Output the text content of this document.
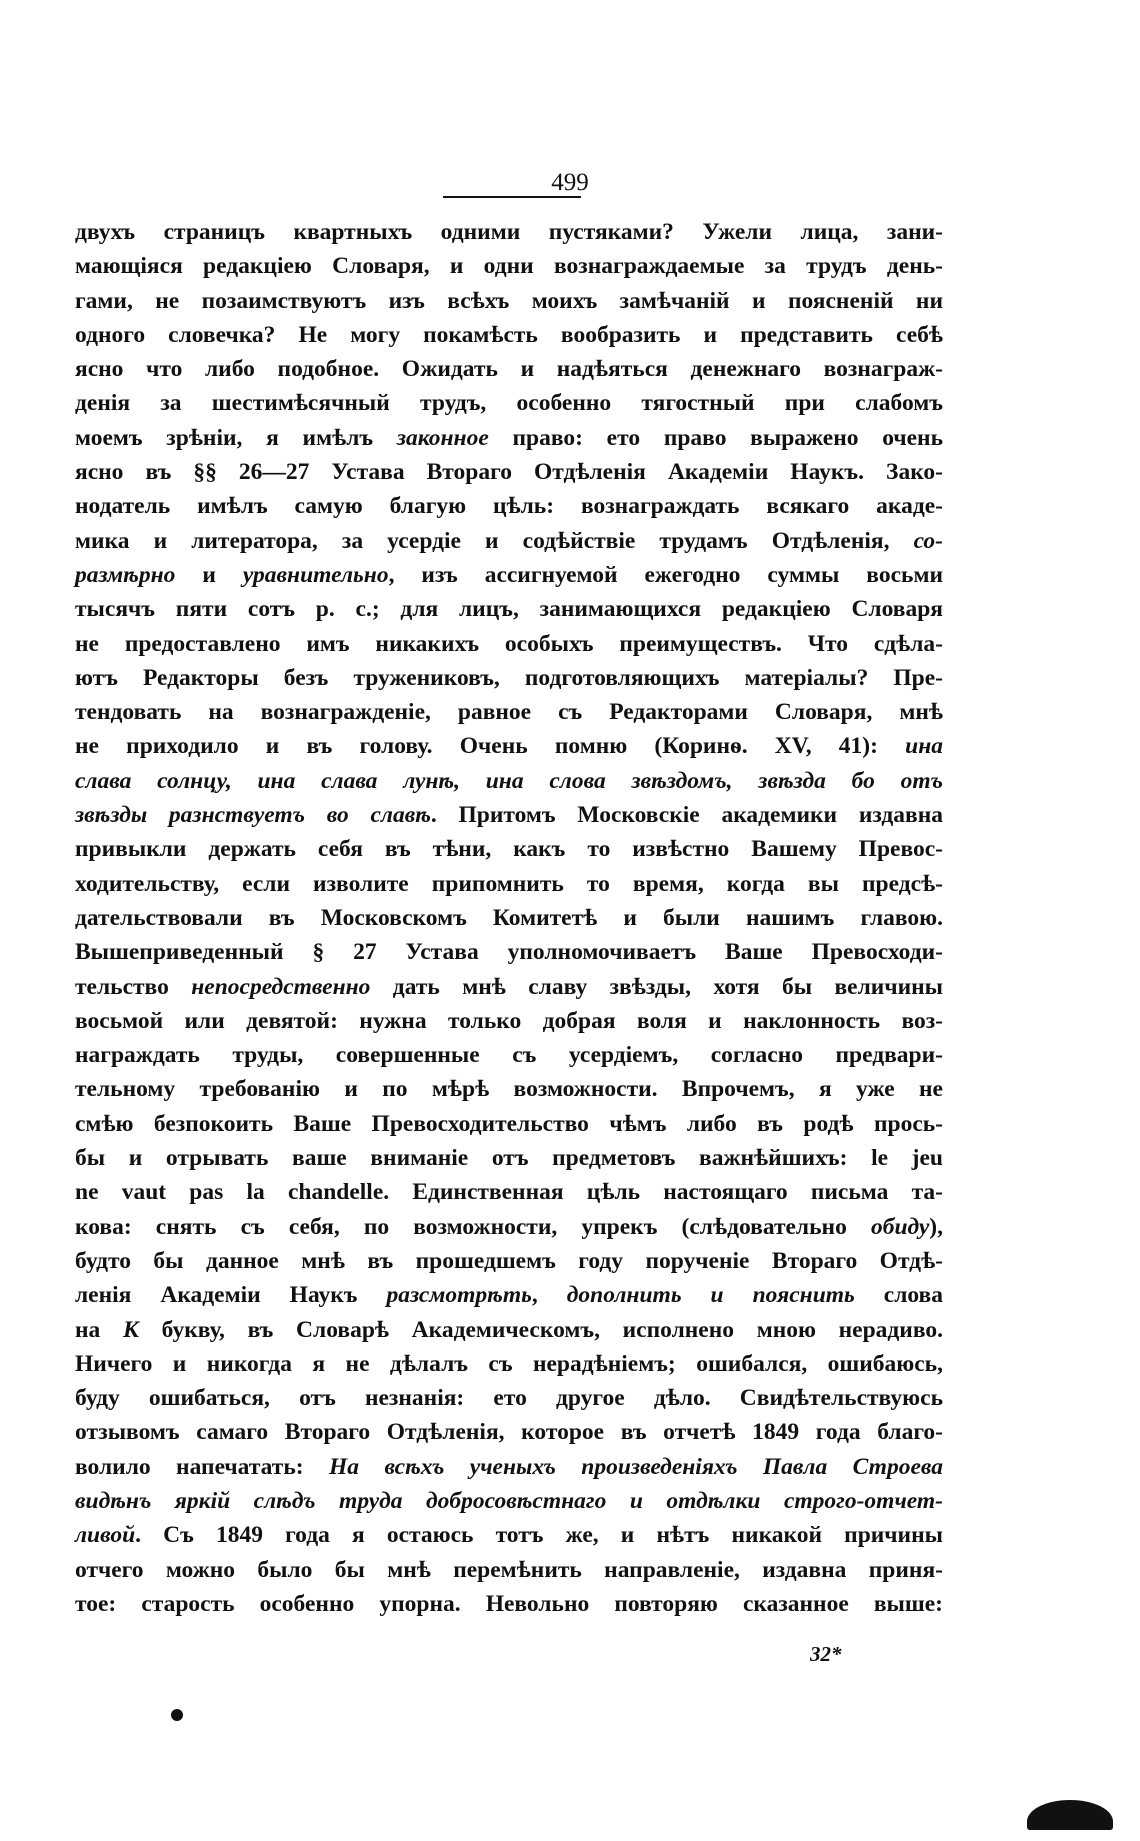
499
двухъ страницъ квартныхъ одними пустяками? Ужели лица, зани-
мающіяся редакціею Словаря, и одни вознаграждаемые за трудъ день-
гами, не позаимствуютъ изъ всѣхъ моихъ замѣчаній и поясненій ни
одного словечка? Не могу покамѣсть вообразить и представить себѣ
ясно что либо подобное. Ожидать и надѣяться денежнаго вознаграж-
денія за шестимѣсячный трудъ, особенно тягостный при слабомъ
моемъ зрѣніи, я имѣлъ законное право: ето право выражено очень
ясно въ §§ 26—27 Устава Втораго Отдѣленія Академіи Наукъ. Зако-
нодатель имѣлъ самую благую цѣль: вознаграждать всякаго акаде-
мика и литератора, за усердіе и содѣйствіе трудамъ Отдѣленія, со-
размѣрно и уравнительно, изъ ассигнуемой ежегодно суммы восьми
тысячъ пяти сотъ р. с.; для лицъ, занимающихся редакціею Словаря
не предоставлено имъ никакихъ особыхъ преимуществъ. Что сдѣла-
ютъ Редакторы безъ тружениковъ, подготовляющихъ матеріалы? Пре-
тендовать на вознагражденіе, равное съ Редакторами Словаря, мнѣ
не приходило и въ голову. Очень помню (Коринѳ. XV, 41): ина
слава солнцу, ина слава лунѣ, ина слова звѣздомъ, звѣзда бо отъ
звѣзды разнствуетъ во славѣ. Притомъ Московскіе академики издавна
привыкли держать себя въ тѣни, какъ то извѣстно Вашему Превос-
ходительству, если изволите припомнить то время, когда вы предсѣ-
дательствовали въ Московскомъ Комитетѣ и были нашимъ главою.
Вышеприведенный § 27 Устава уполномочиваетъ Ваше Превосходи-
тельство непосредственно дать мнѣ славу звѣзды, хотя бы величины
восьмой или девятой: нужна только добрая воля и наклонность воз-
награждать труды, совершенные съ усердіемъ, согласно предвари-
тельному требованію и по мѣрѣ возможности. Впрочемъ, я уже не
смѣю безпокоить Ваше Превосходительство чѣмъ либо въ родѣ прось-
бы и отрывать ваше вниманіе отъ предметовъ важнѣйшихъ: le jeu
ne vaut pas la chandelle. Единственная цѣль настоящаго письма та-
кова: снять съ себя, по возможности, упрекъ (слѣдовательно обиду),
будто бы данное мнѣ въ прошедшемъ году порученіе Втораго Отдѣ-
ленія Академіи Наукъ разсмотрѣть, дополнить и пояснить слова
на К букву, въ Словарѣ Академическомъ, исполнено мною нерадиво.
Ничего и никогда я не дѣлалъ съ нерадѣніемъ; ошибался, ошибаюсь,
буду ошибаться, отъ незнанія: ето другое дѣло. Свидѣтельствуюсь
отзывомъ самаго Втораго Отдѣленія, которое въ отчетѣ 1849 года благо-
волило напечатать: На всѣхъ ученыхъ произведеніяхъ Павла Строева
видѣнъ яркій слѣдъ труда добросовѣстнаго и отдѣлки строго-отчет-
ливой. Съ 1849 года я остаюсь тотъ же, и нѣтъ никакой причины
отчего можно было бы мнѣ перемѣнить направленіе, издавна приня-
тое: старость особенно упорна. Невольно повторяю сказанное выше:
32*
